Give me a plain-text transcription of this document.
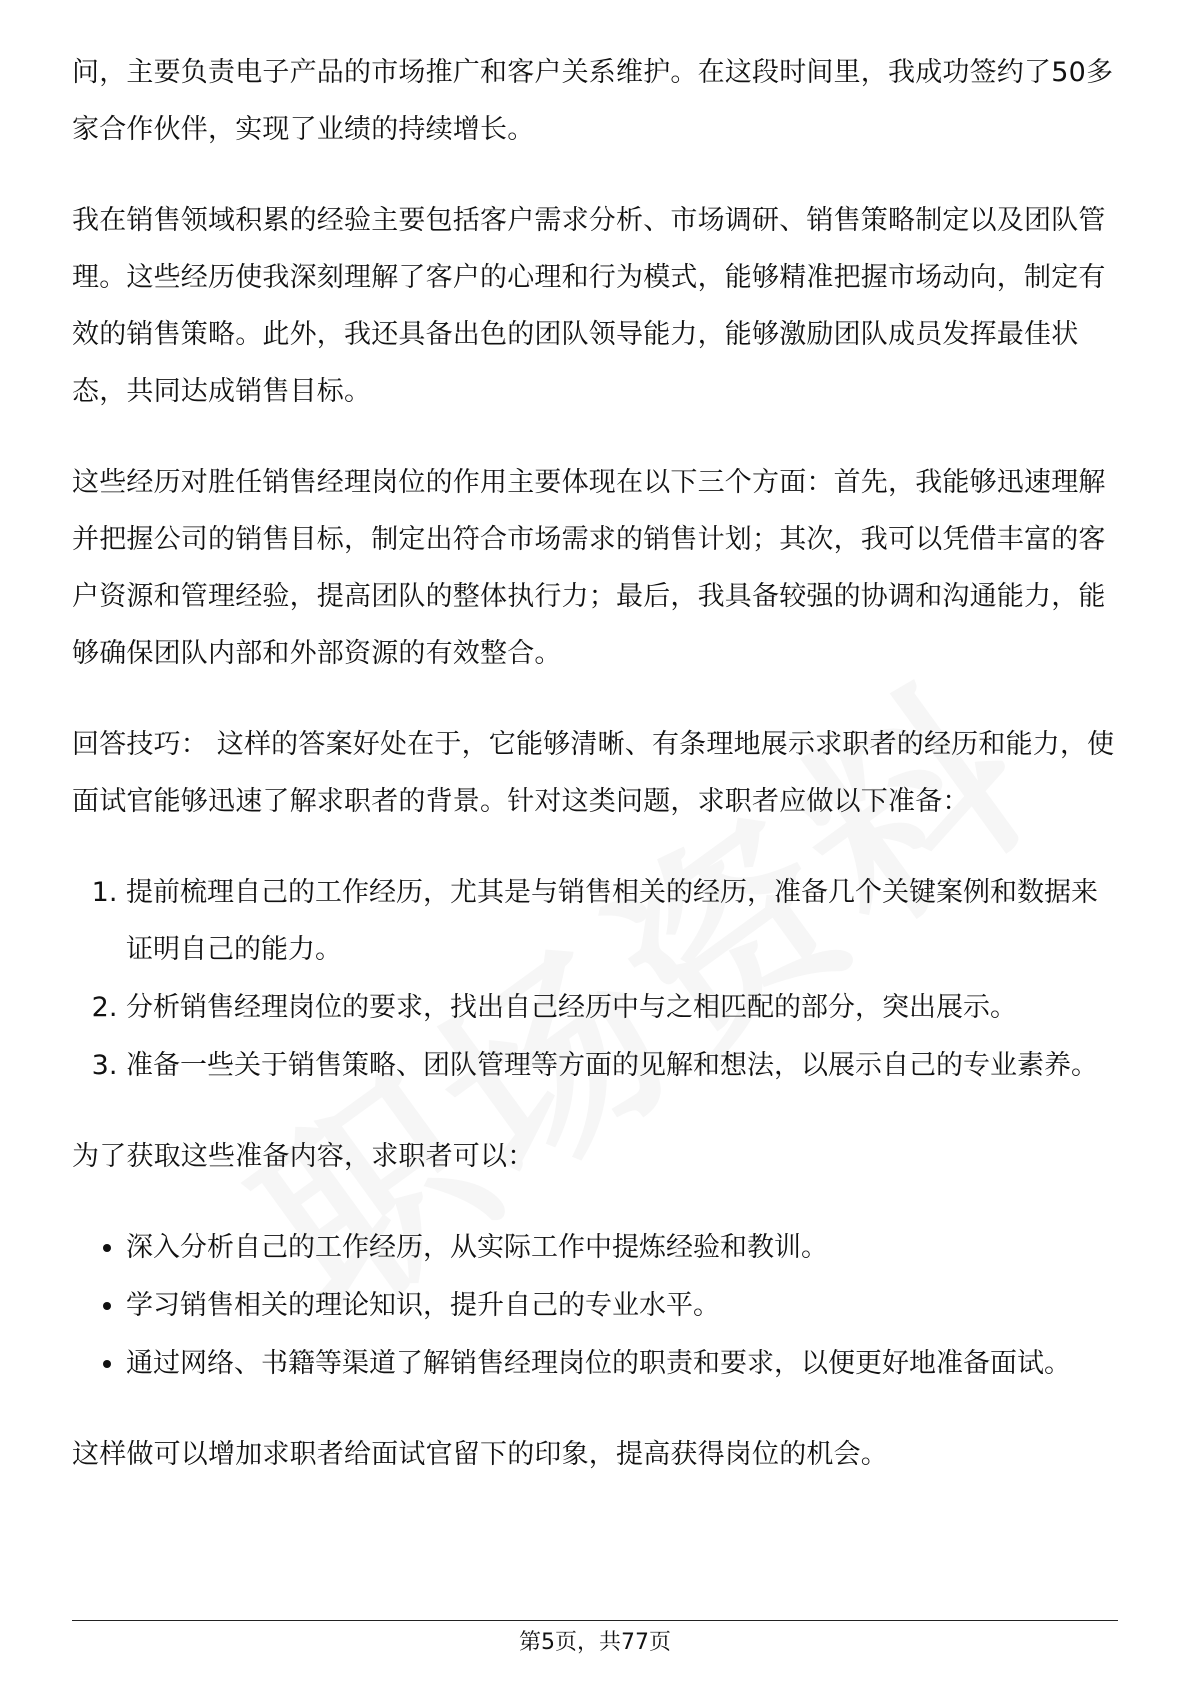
问，主要负责电子产品的市场推广和客户关系维护。在这段时间里，我成功签约了50多家合作伙伴，实现了业绩的持续增长。

我在销售领域积累的经验主要包括客户需求分析、市场调研、销售策略制定以及团队管理。这些经历使我深刻理解了客户的心理和行为模式，能够精准把握市场动向，制定有效的销售策略。此外，我还具备出色的团队领导能力，能够激励团队成员发挥最佳状态，共同达成销售目标。

这些经历对胜任销售经理岗位的作用主要体现在以下三个方面：首先，我能够迅速理解并把握公司的销售目标，制定出符合市场需求的销售计划；其次，我可以凭借丰富的客户资源和管理经验，提高团队的整体执行力；最后，我具备较强的协调和沟通能力，能够确保团队内部和外部资源的有效整合。

回答技巧： 这样的答案好处在于，它能够清晰、有条理地展示求职者的经历和能力，使面试官能够迅速了解求职者的背景。针对这类问题，求职者应做以下准备：

1. 提前梳理自己的工作经历，尤其是与销售相关的经历，准备几个关键案例和数据来证明自己的能力。
2. 分析销售经理岗位的要求，找出自己经历中与之相匹配的部分，突出展示。
3. 准备一些关于销售策略、团队管理等方面的见解和想法，以展示自己的专业素养。

为了获取这些准备内容，求职者可以：

• 深入分析自己的工作经历，从实际工作中提炼经验和教训。
• 学习销售相关的理论知识，提升自己的专业水平。
• 通过网络、书籍等渠道了解销售经理岗位的职责和要求，以便更好地准备面试。

这样做可以增加求职者给面试官留下的印象，提高获得岗位的机会。

第5页，共77页
